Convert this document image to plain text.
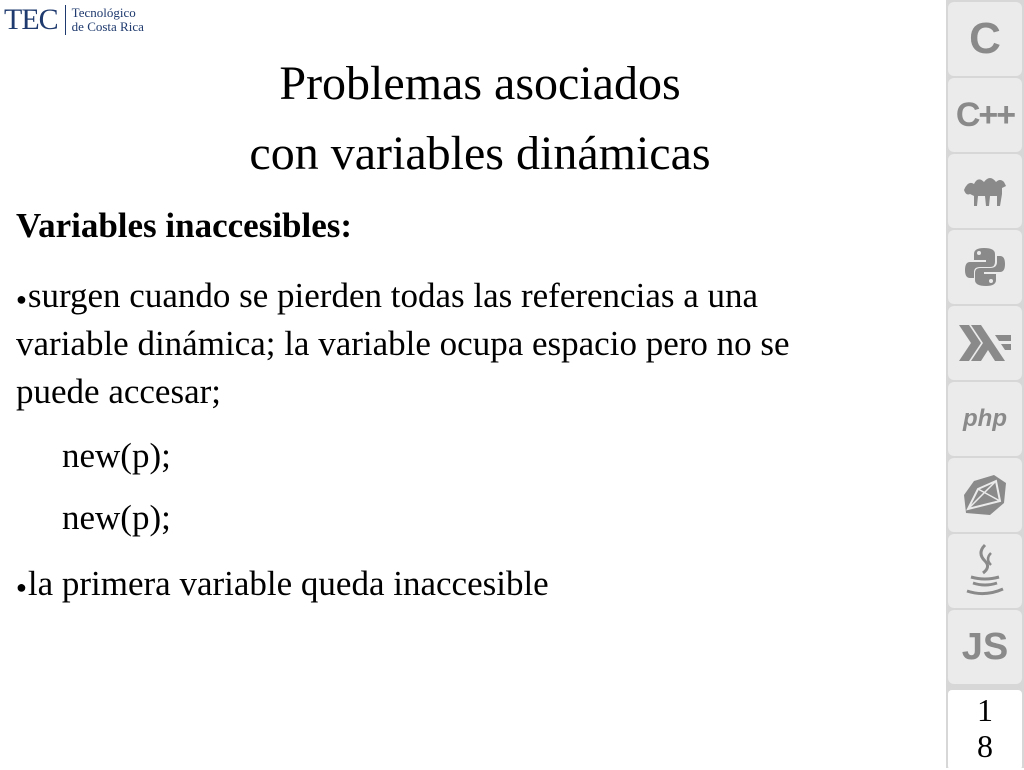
TEC Tecnológico
de Costa Rica
Problemas asociados
con variables dinámicas
Variables inaccesibles:
●surgen cuando se pierden todas las referencias a una
variable dinámica; la variable ocupa espacio pero no se
puede accesar;
new(p);
new(p);
●la primera variable queda inaccesible
C
C++
php
JS
1
8
